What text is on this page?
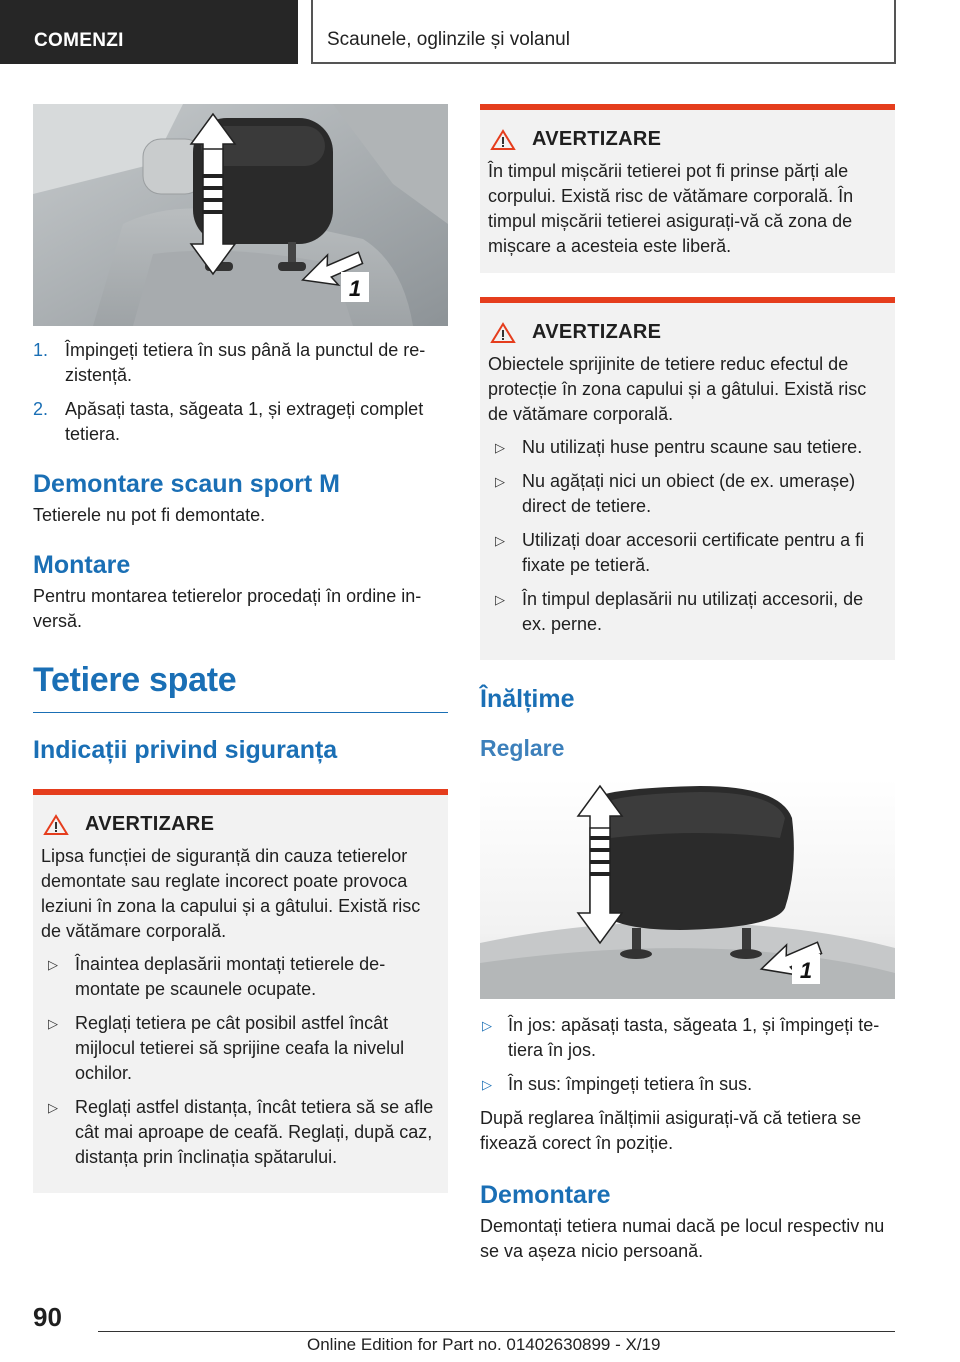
COMENZI	Scaunele, oglinzile și volanul
1
1. Împingeți tetiera în sus până la punctul de re‐zistență.
2. Apăsați tasta, săgeata 1, și extrageți complet tetiera.
Demontare scaun sport M

Tetierele nu pot fi demontate.

Montare

Pentru montarea tetierelor procedați în ordine in‐versă.

Tetiere spate
Indicații privind siguranța
AVERTIZARE

Lipsa funcției de siguranță din cauza tetierelor demontate sau reglate incorect poate provoca leziuni în zona la capului și a gâtului. Există risc de vătămare corporală.

▷ Înaintea deplasării montați tetierele de‐montate pe scaunele ocupate.
▷ Reglați tetiera pe cât posibil astfel încât mijlocul tetierei să sprijine ceafa la nivelul ochilor.
▷ Reglați astfel distanța, încât tetiera să se afle cât mai aproape de ceafă. Reglați, după caz, distanța prin înclinația spătarului.
AVERTIZARE

În timpul mișcării tetierei pot fi prinse părți ale corpului. Există risc de vătămare corporală. În timpul mișcării tetierei asigurați-vă că zona de mișcare a acesteia este liberă.

AVERTIZARE

Obiectele sprijinite de tetiere reduc efectul de protecție în zona capului și a gâtului. Există risc de vătămare corporală.

▷ Nu utilizați huse pentru scaune sau tetiere.
▷ Nu agățați nici un obiect (de ex. umerașe) direct de tetiere.
▷ Utilizați doar accesorii certificate pentru a fi fixate pe tetieră.
▷ În timpul deplasării nu utilizați accesorii, de ex. perne.
Înălțime
Reglare
1
▷ În jos: apăsați tasta, săgeata 1, și împingeți te‐tiera în jos.
▷ În sus: împingeți tetiera în sus.

După reglarea înălțimii asigurați-vă că tetiera se fixează corect în poziție.

Demontare

Demontați tetiera numai dacă pe locul respectiv nu se va așeza nicio persoană.

90
Online Edition for Part no. 01402630899 - X/19
